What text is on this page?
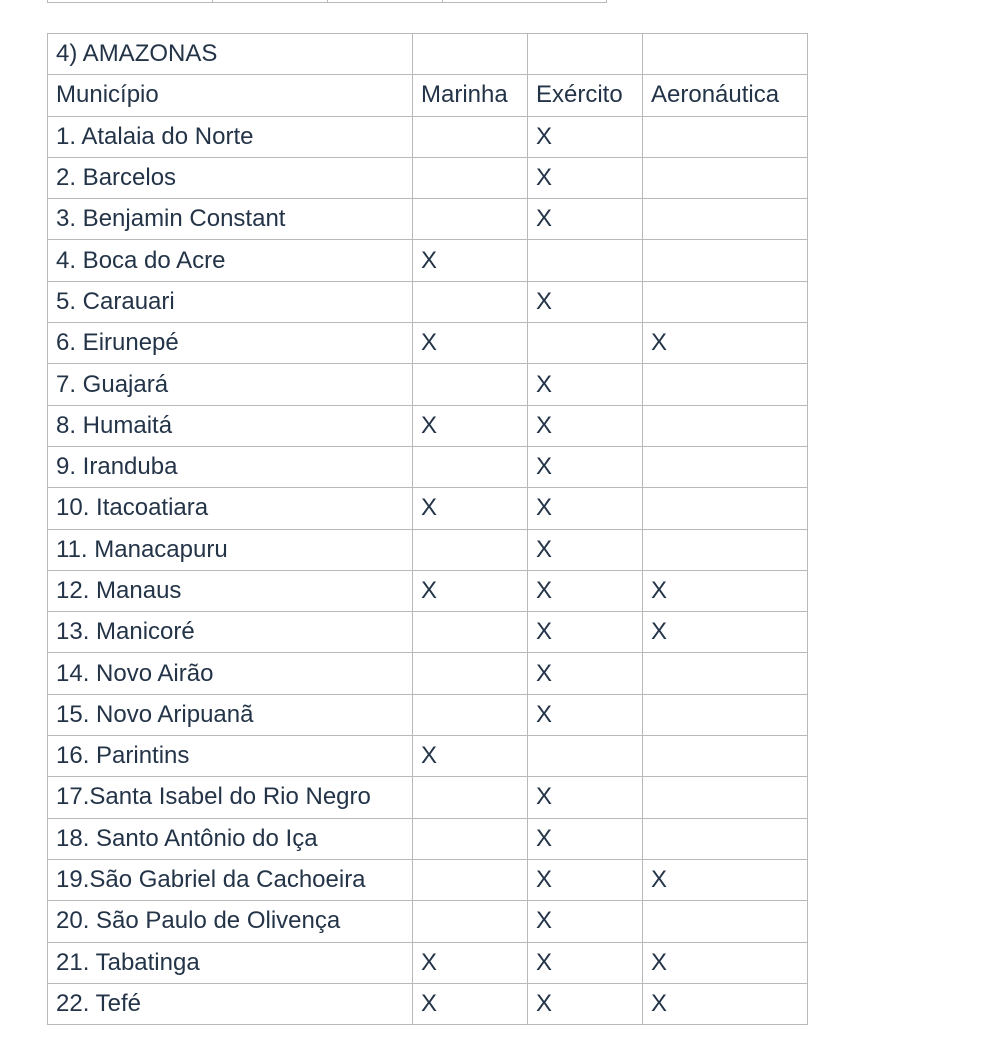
4) AMAZONAS			
Município	Marinha	Exército	Aeronáutica
1. Atalaia do Norte		X	
2. Barcelos		X	
3. Benjamin Constant		X	
4. Boca do Acre	X		
5. Carauari		X	
6. Eirunepé	X		X
7. Guajará		X	
8. Humaitá	X	X	
9. Iranduba		X	
10. Itacoatiara	X	X	
11. Manacapuru		X	
12. Manaus	X	X	X
13. Manicoré		X	X
14. Novo Airão		X	
15. Novo Aripuanã		X	
16. Parintins	X		
17.Santa Isabel do Rio Negro		X	
18. Santo Antônio do Içа		X	
19.São Gabriel da Cachoeira		X	X
20. São Paulo de Olivença		X	
21. Tabatinga	X	X	X
22. Tefé	X	X	X
